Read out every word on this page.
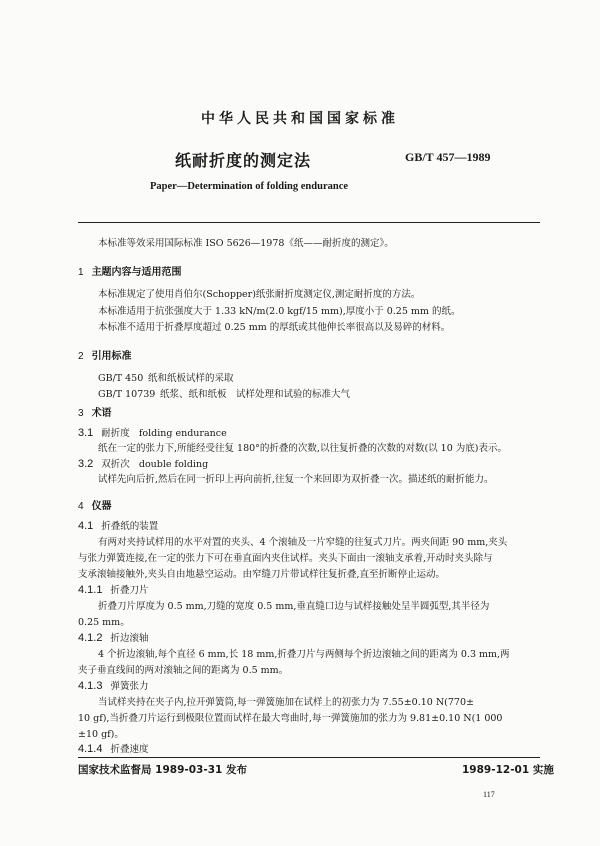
中华人民共和国国家标准
纸耐折度的测定法	GB/T 457—1989
Paper—Determination of folding endurance
本标准等效采用国际标准 ISO 5626—1978《纸——耐折度的测定》。
1 主题内容与适用范围
本标准规定了使用肖伯尔(Schopper)纸张耐折度测定仪,测定耐折度的方法。
本标准适用于抗张强度大于 1.33 kN/m(2.0 kgf/15 mm),厚度小于 0.25 mm 的纸。
本标准不适用于折叠厚度超过 0.25 mm 的厚纸或其他伸长率很高以及易碎的材料。
2 引用标准
GB/T 450 纸和纸板试样的采取
GB/T 10739 纸浆、纸和纸板　试样处理和试验的标准大气
3 术语
3.1 耐折度 folding endurance
纸在一定的张力下,所能经受往复 180°的折叠的次数,以往复折叠的次数的对数(以 10 为底)表示。
3.2 双折次 double folding
试样先向后折,然后在同一折印上再向前折,往复一个来回即为双折叠一次。描述纸的耐折能力。
4 仪器
4.1 折叠纸的装置
有两对夹持试样用的水平对置的夹头、4 个滚轴及一片窄缝的往复式刀片。两夹间距 90 mm,夹头
与张力弹簧连接,在一定的张力下可在垂直面内夹住试样。夹头下面由一滚轴支承着,开动时夹头除与
支承滚轴接触外,夹头自由地悬空运动。由窄缝刀片带试样往复折叠,直至折断停止运动。
4.1.1 折叠刀片
折叠刀片厚度为 0.5 mm,刀缝的宽度 0.5 mm,垂直缝口边与试样接触处呈半圆弧型,其半径为
0.25 mm。
4.1.2 折边滚轴
4 个折边滚轴,每个直径 6 mm,长 18 mm,折叠刀片与两侧每个折边滚轴之间的距离为 0.3 mm,两
夹子垂直线间的两对滚轴之间的距离为 0.5 mm。
4.1.3 弹簧张力
当试样夹持在夹子内,拉开弹簧筒,每一弹簧施加在试样上的初张力为 7.55±0.10 N(770±
10 gf),当折叠刀片运行到极限位置而试样在最大弯曲时,每一弹簧施加的张力为 9.81±0.10 N(1 000
±10 gf)。
4.1.4 折叠速度
国家技术监督局 1989-03-31 发布	1989-12-01 实施
117
